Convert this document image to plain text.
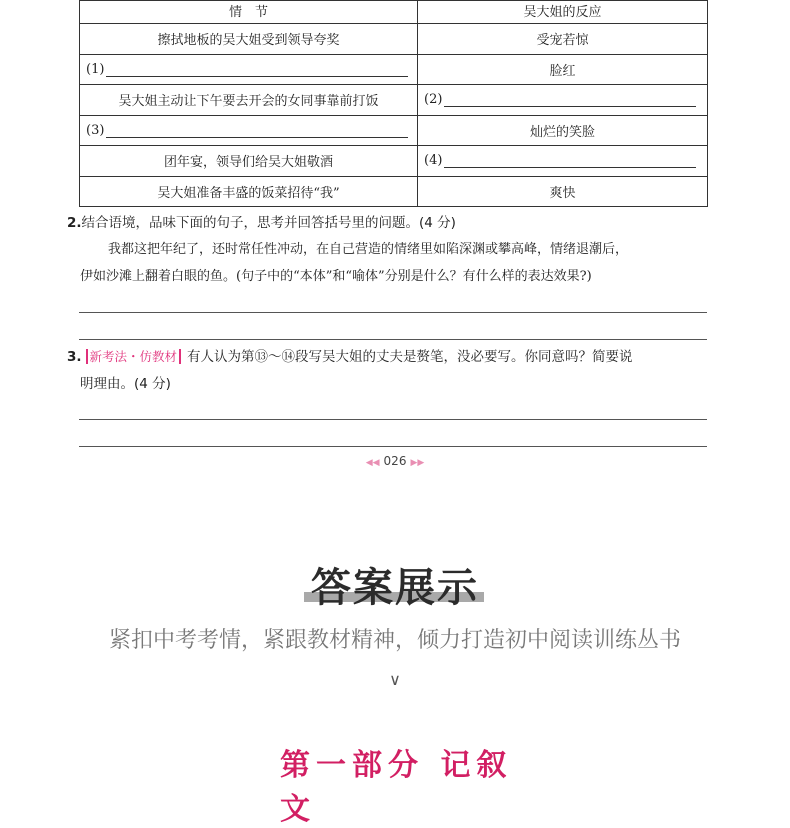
情　节	吴大姐的反应
擦拭地板的吴大姐受到领导夸奖	受宠若惊
(1)	脸红
吴大姐主动让下午要去开会的女同事靠前打饭	(2)
(3)	灿烂的笑脸
团年宴，领导们给吴大姐敬酒	(4)
吴大姐准备丰盛的饭菜招待“我”	爽快
2.结合语境，品味下面的句子，思考并回答括号里的问题。(4 分)
我都这把年纪了，还时常任性冲动，在自己营造的情绪里如陷深渊或攀高峰，情绪退潮后，
伊如沙滩上翻着白眼的鱼。(句子中的“本体”和“喻体”分别是什么？有什么样的表达效果?)
3. 新考法・仿教材 有人认为第⑬～⑭段写吴大姐的丈夫是赘笔，没必要写。你同意吗？简要说
明理由。(4 分)
◀◀ 026 ▶▶
答案展示
紧扣中考考情，紧跟教材精神，倾力打造初中阅读训练丛书
∨
第一部分 记叙文
